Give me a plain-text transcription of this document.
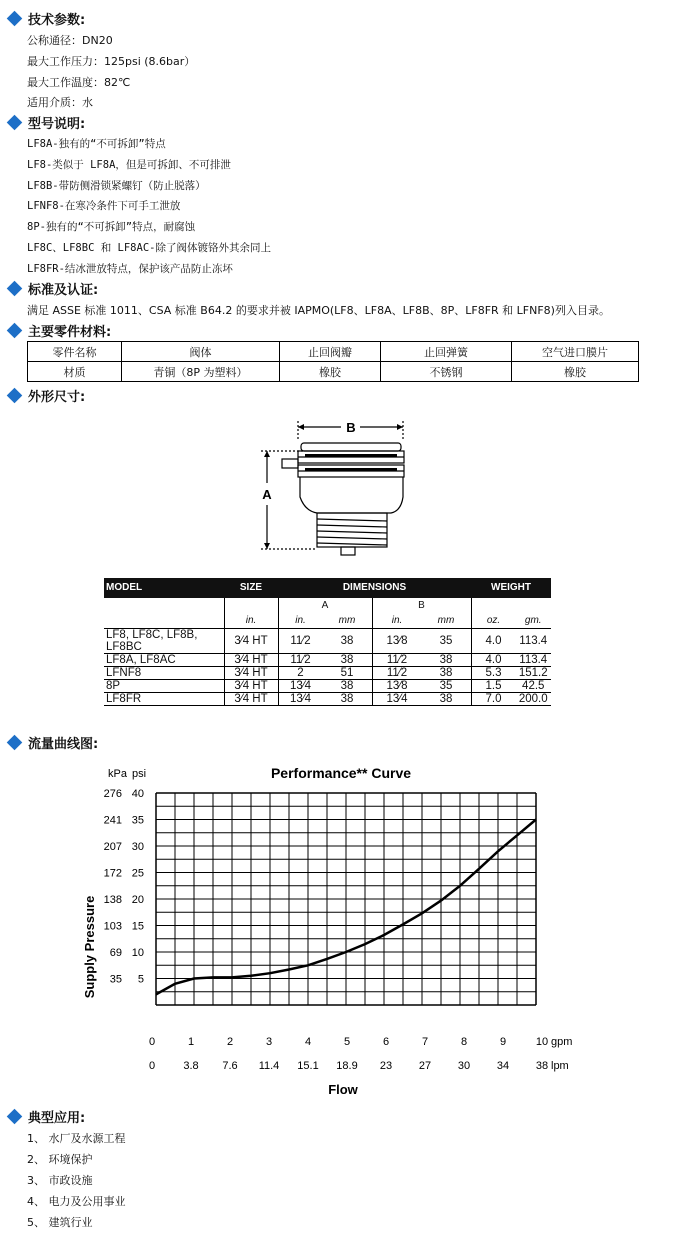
技术参数:
公称通径：DN20
最大工作压力：125psi (8.6bar）
最大工作温度：82℃
适用介质：水
型号说明:
LF8A-独有的“不可拆卸”特点
LF8-类似于 LF8A，但是可拆卸、不可排泄
LF8B-带防侧滑锁紧螺钉（防止脱落）
LFNF8-在寒冷条件下可手工泄放
8P-独有的“不可拆卸”特点，耐腐蚀
LF8C、LF8BC 和 LF8AC-除了阀体镀铬外其余同上
LF8FR-结冰泄放特点，保护该产品防止冻坏
标准及认证:
满足 ASSE 标准 1011、CSA 标准 B64.2 的要求并被 IAPMO(LF8、LF8A、LF8B、8P、LF8FR 和 LFNF8)列入目录。
主要零件材料:
零件名称	阀体	止回阀瓣	止回弹簧	空气进口膜片
材质	青铜（8P 为塑料）	橡胶	不锈钢	橡胶
外形尺寸:
B
A
MODEL	SIZE	DIMENSIONS				WEIGHT	
		A		B			
	in.	in.	mm	in.	mm	oz.	gm.
LF8, LF8C, LF8B, LF8BC	3⁄4 HT	11⁄2	38	13⁄8	35	4.0	113.4
LF8A, LF8AC	3⁄4 HT	11⁄2	38	11⁄2	38	4.0	113.4
LFNF8	3⁄4 HT	2	51	11⁄2	38	5.3	151.2
8P	3⁄4 HT	13⁄4	38	13⁄8	35	1.5	42.5
LF8FR	3⁄4 HT	13⁄4	38	13⁄4	38	7.0	200.0
流量曲线图:
Performance** Curve
kPa psi
Supply Pressure
Flow
gpm
lpm
5
35
10
69
15
103
20
138
25
172
30
207
35
241
40
276
0
0
1
3.8
2
7.6
3
11.4
4
15.1
5
18.9
6
23
7
27
8
30
9
34
10
38
典型应用:
1、 水厂及水源工程
2、 环境保护
3、 市政设施
4、 电力及公用事业
5、 建筑行业
